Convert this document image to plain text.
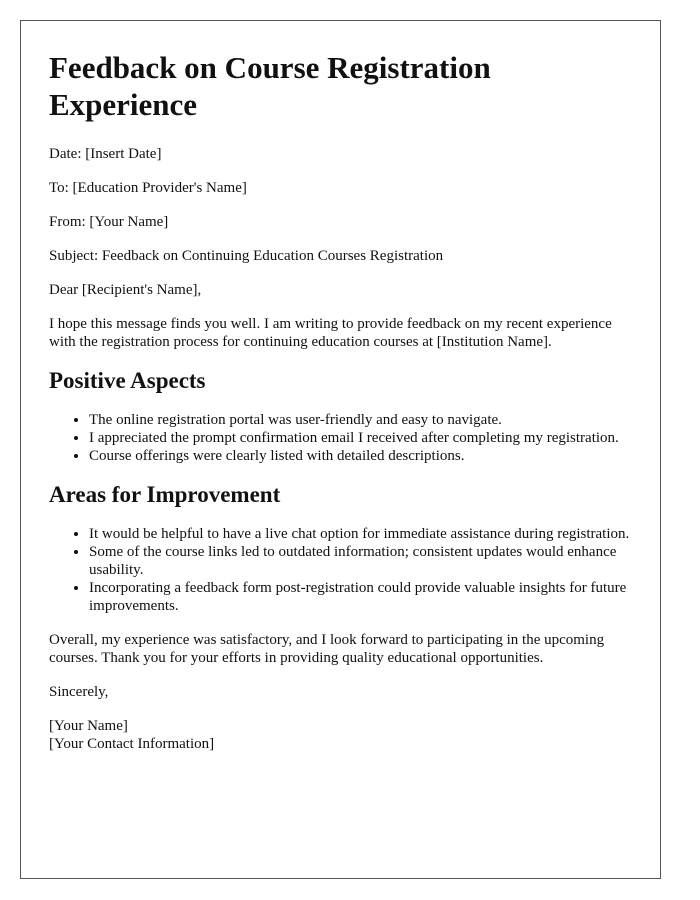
Feedback on Course Registration Experience

Date: [Insert Date]

To: [Education Provider's Name]

From: [Your Name]

Subject: Feedback on Continuing Education Courses Registration

Dear [Recipient's Name],

I hope this message finds you well. I am writing to provide feedback on my recent experience with the registration process for continuing education courses at [Institution Name].

Positive Aspects
• The online registration portal was user-friendly and easy to navigate.
• I appreciated the prompt confirmation email I received after completing my registration.
• Course offerings were clearly listed with detailed descriptions.
Areas for Improvement
• It would be helpful to have a live chat option for immediate assistance during registration.
• Some of the course links led to outdated information; consistent updates would enhance usability.
• Incorporating a feedback form post-registration could provide valuable insights for future improvements.

Overall, my experience was satisfactory, and I look forward to participating in the upcoming courses. Thank you for your efforts in providing quality educational opportunities.

Sincerely,

[Your Name]
[Your Contact Information]
